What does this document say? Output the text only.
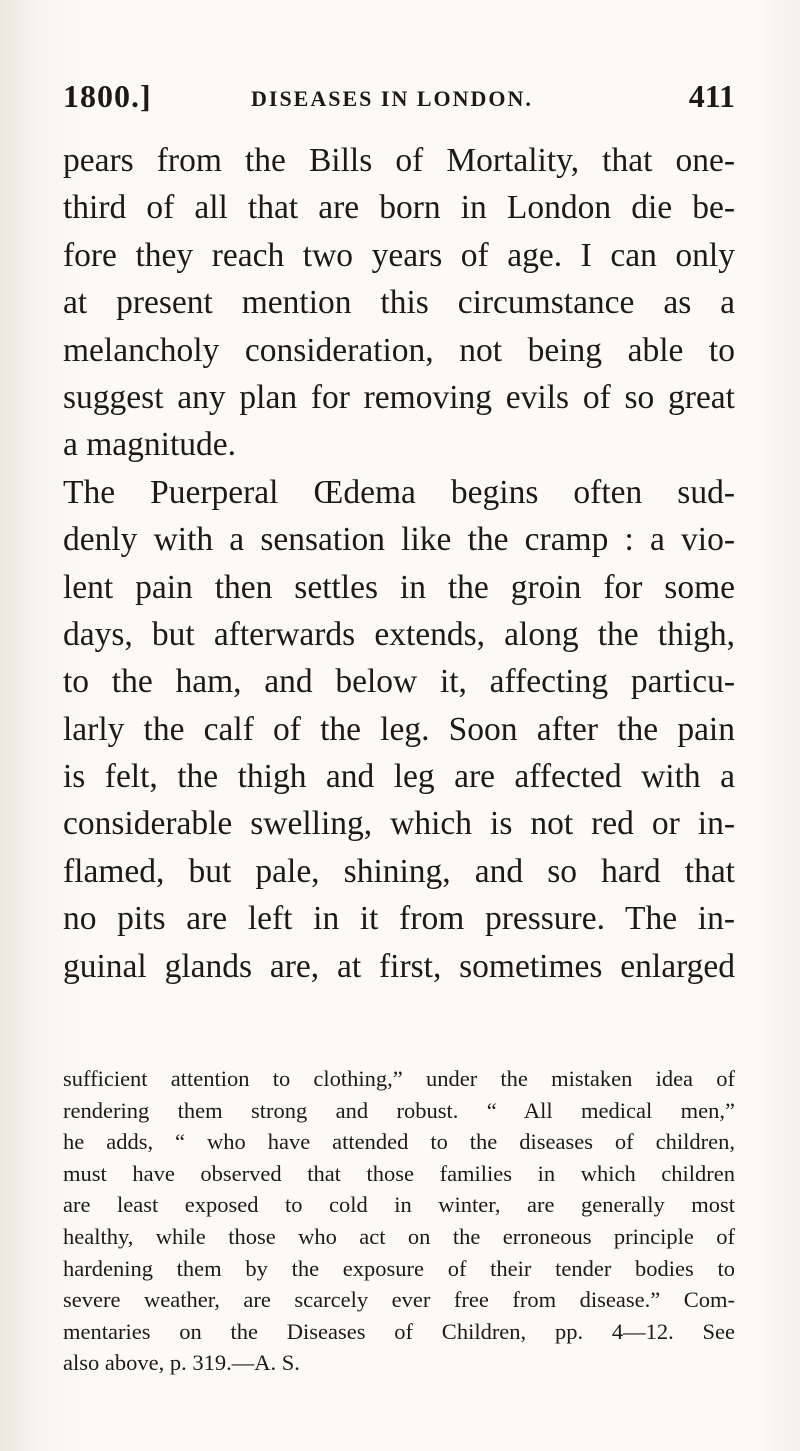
1800.]	DISEASES IN LONDON.	411
pears from the Bills of Mortality, that one-
third of all that are born in London die be-
fore they reach two years of age. I can only
at present mention this circumstance as a
melancholy consideration, not being able to
suggest any plan for removing evils of so great
a magnitude.
The Puerperal Œdema begins often sud-
denly with a sensation like the cramp : a vio-
lent pain then settles in the groin for some
days, but afterwards extends, along the thigh,
to the ham, and below it, affecting particu-
larly the calf of the leg. Soon after the pain
is felt, the thigh and leg are affected with a
considerable swelling, which is not red or in-
flamed, but pale, shining, and so hard that
no pits are left in it from pressure. The in-
guinal glands are, at first, sometimes enlarged
sufficient attention to clothing,” under the mistaken idea of
rendering them strong and robust. “ All medical men,”
he adds, “ who have attended to the diseases of children,
must have observed that those families in which children
are least exposed to cold in winter, are generally most
healthy, while those who act on the erroneous principle of
hardening them by the exposure of their tender bodies to
severe weather, are scarcely ever free from disease.” Com-
mentaries on the Diseases of Children, pp. 4—12. See
also above, p. 319.—A. S.
